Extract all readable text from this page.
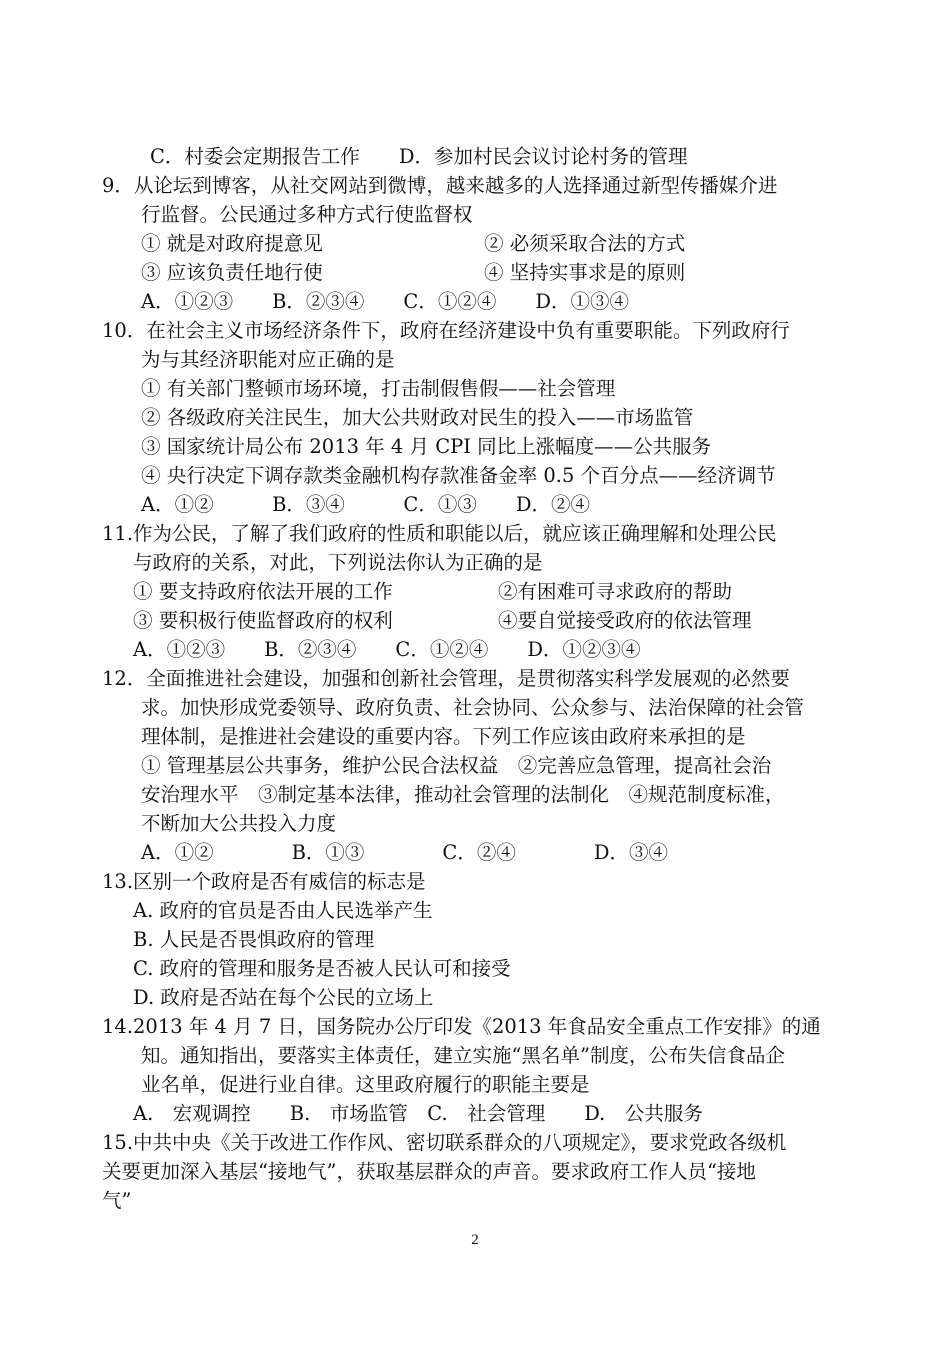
C．村委会定期报告工作　　D．参加村民会议讨论村务的管理
9．从论坛到博客，从社交网站到微博，越来越多的人选择通过新型传播媒介进
行监督。公民通过多种方式行使监督权
① 就是对政府提意见	② 必须采取合法的方式
③ 应该负责任地行使	④ 坚持实事求是的原则
A．①②③　　B．②③④　　C．①②④　　D．①③④
10．在社会主义市场经济条件下，政府在经济建设中负有重要职能。下列政府行
为与其经济职能对应正确的是
① 有关部门整顿市场环境，打击制假售假——社会管理
② 各级政府关注民生，加大公共财政对民生的投入——市场监管
③ 国家统计局公布 2013 年 4 月 CPI 同比上涨幅度——公共服务
④ 央行决定下调存款类金融机构存款准备金率 0.5 个百分点——经济调节
A．①②　　　B．③④　　　C．①③　　D．②④
11.作为公民，了解了我们政府的性质和职能以后，就应该正确理解和处理公民
与政府的关系，对此，下列说法你认为正确的是
① 要支持政府依法开展的工作	②有困难可寻求政府的帮助
③ 要积极行使监督政府的权利	④要自觉接受政府的依法管理
A．①②③　　B．②③④　　C．①②④　　D．①②③④
12．全面推进社会建设，加强和创新社会管理，是贯彻落实科学发展观的必然要
求。加快形成党委领导、政府负责、社会协同、公众参与、法治保障的社会管
理体制，是推进社会建设的重要内容。下列工作应该由政府来承担的是
① 管理基层公共事务，维护公民合法权益　②完善应急管理，提高社会治
安治理水平　③制定基本法律，推动社会管理的法制化　④规范制度标准，
不断加大公共投入力度
A．①②　　　　B．①③　　　　C．②④　　　　D．③④
13.区别一个政府是否有威信的标志是
A. 政府的官员是否由人民选举产生
B. 人民是否畏惧政府的管理
C. 政府的管理和服务是否被人民认可和接受
D. 政府是否站在每个公民的立场上
14.2013 年 4 月 7 日，国务院办公厅印发《2013 年食品安全重点工作安排》的通
知。通知指出，要落实主体责任，建立实施“黑名单”制度，公布失信食品企
业名单，促进行业自律。这里政府履行的职能主要是
A.　宏观调控　　B.　市场监管　C.　社会管理　　D.　公共服务
15.中共中央《关于改进工作作风、密切联系群众的八项规定》，要求党政各级机
关要更加深入基层“接地气”，获取基层群众的声音。要求政府工作人员“接地
气”
2
